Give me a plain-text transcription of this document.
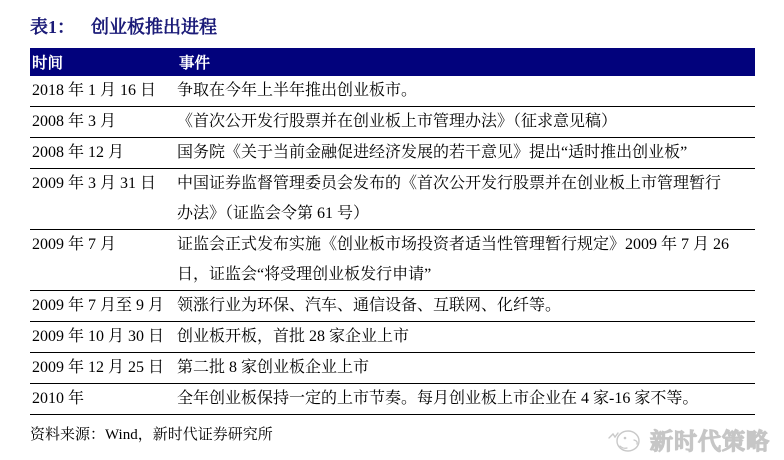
表1： 创业板推出进程
时间	事件
2018 年 1 月 16 日	争取在今年上半年推出创业板市。
2008 年 3 月	《首次公开发行股票并在创业板上市管理办法》（征求意见稿）
2008 年 12 月	国务院《关于当前金融促进经济发展的若干意见》提出“适时推出创业板”
2009 年 3 月 31 日	中国证券监督管理委员会发布的《首次公开发行股票并在创业板上市管理暂行办法》（证监会令第 61 号）
2009 年 7 月	证监会正式发布实施《创业板市场投资者适当性管理暂行规定》2009 年 7 月 26 日，证监会“将受理创业板发行申请”
2009 年 7 月至 9 月	领涨行业为环保、汽车、通信设备、互联网、化纤等。
2009 年 10 月 30 日	创业板开板，首批 28 家企业上市
2009 年 12 月 25 日	第二批 8 家创业板企业上市
2010 年	全年创业板保持一定的上市节奏。每月创业板上市企业在 4 家-16 家不等。
资料来源：Wind，新时代证券研究所	新时代策略
